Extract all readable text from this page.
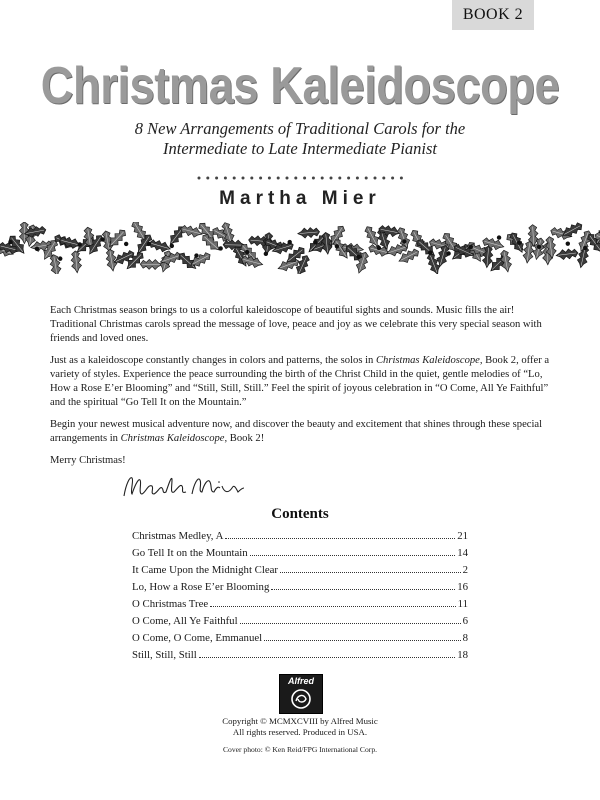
BOOK 2
Christmas Kaleidoscope
8 New Arrangements of Traditional Carols for the
Intermediate to Late Intermediate Pianist
Martha Mier

Each Christmas season brings to us a colorful kaleidoscope of beautiful sights and sounds. Music fills the air! Traditional Christmas carols spread the message of love, peace and joy as we celebrate this very special season with friends and loved ones.

Just as a kaleidoscope constantly changes in colors and patterns, the solos in Christmas Kaleidoscope, Book 2, offer a variety of styles. Experience the peace surrounding the birth of the Christ Child in the quiet, gentle melodies of “Lo, How a Rose E’er Blooming” and “Still, Still, Still.” Feel the spirit of joyous celebration in “O Come, All Ye Faithful” and the spiritual “Go Tell It on the Mountain.”

Begin your newest musical adventure now, and discover the beauty and excitement that shines through these special arrangements in Christmas Kaleidoscope, Book 2!

Merry Christmas!

Contents
Christmas Medley, A	21
Go Tell It on the Mountain	14
It Came Upon the Midnight Clear	2
Lo, How a Rose E’er Blooming	16
O Christmas Tree	11
O Come, All Ye Faithful	6
O Come, O Come, Emmanuel	8
Still, Still, Still	18
Alfred
Copyright © MCMXCVIII by Alfred Music
All rights reserved. Produced in USA.
Cover photo: © Ken Reid/FPG International Corp.
